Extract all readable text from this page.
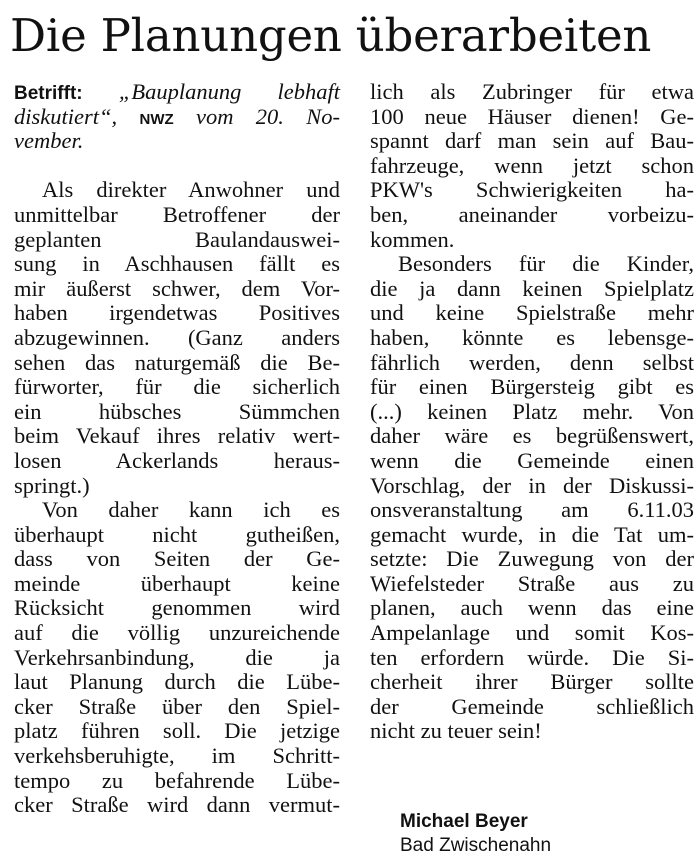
Die Planungen überarbeiten
Betrifft: „Bauplanung lebhaft
diskutiert“, NWZ vom 20. No-
vember.
Als direkter Anwohner und
unmittelbar Betroffener der
geplanten Baulandauswei-
sung in Aschhausen fällt es
mir äußerst schwer, dem Vor-
haben irgendetwas Positives
abzugewinnen. (Ganz anders
sehen das naturgemäß die Be-
fürworter, für die sicherlich
ein hübsches Sümmchen
beim Vekauf ihres relativ wert-
losen Ackerlands heraus-
springt.)
Von daher kann ich es
überhaupt nicht gutheißen,
dass von Seiten der Ge-
meinde überhaupt keine
Rücksicht genommen wird
auf die völlig unzureichende
Verkehrsanbindung, die ja
laut Planung durch die Lübe-
cker Straße über den Spiel-
platz führen soll. Die jetzige
verkehsberuhigte, im Schritt-
tempo zu befahrende Lübe-
cker Straße wird dann vermut-
lich als Zubringer für etwa
100 neue Häuser dienen! Ge-
spannt darf man sein auf Bau-
fahrzeuge, wenn jetzt schon
PKW's Schwierigkeiten ha-
ben, aneinander vorbeizu-
kommen.
Besonders für die Kinder,
die ja dann keinen Spielplatz
und keine Spielstraße mehr
haben, könnte es lebensge-
fährlich werden, denn selbst
für einen Bürgersteig gibt es
(...) keinen Platz mehr. Von
daher wäre es begrüßenswert,
wenn die Gemeinde einen
Vorschlag, der in der Diskussi-
onsveranstaltung am 6.11.03
gemacht wurde, in die Tat um-
setzte: Die Zuwegung von der
Wiefelsteder Straße aus zu
planen, auch wenn das eine
Ampelanlage und somit Kos-
ten erfordern würde. Die Si-
cherheit ihrer Bürger sollte
der Gemeinde schließlich
nicht zu teuer sein!
Michael Beyer
Bad Zwischenahn
